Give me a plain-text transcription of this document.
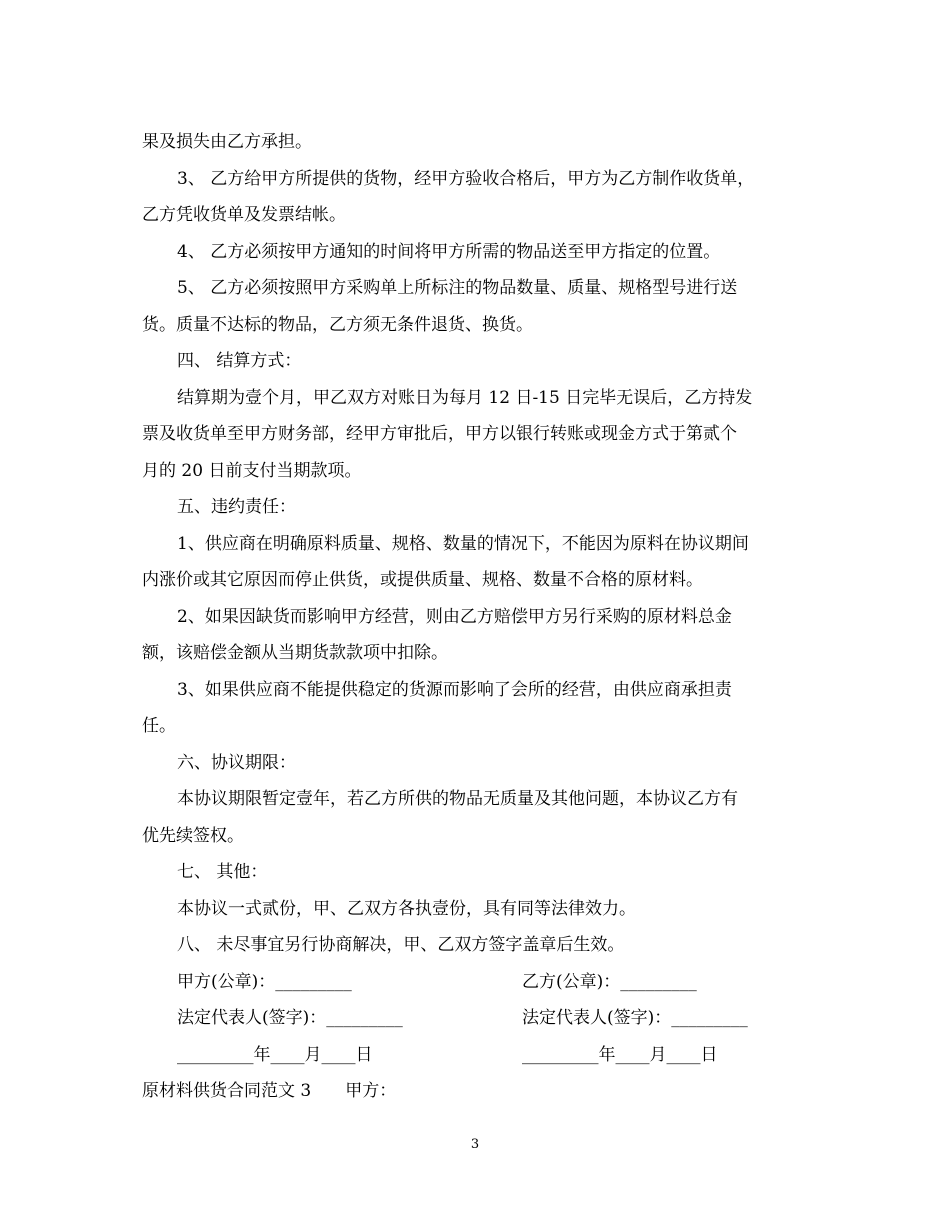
果及损失由乙方承担。
3、 乙方给甲方所提供的货物，经甲方验收合格后，甲方为乙方制作收货单，
乙方凭收货单及发票结帐。
4、 乙方必须按甲方通知的时间将甲方所需的物品送至甲方指定的位置。
5、 乙方必须按照甲方采购单上所标注的物品数量、质量、规格型号进行送
货。质量不达标的物品，乙方须无条件退货、换货。
四、 结算方式：
结算期为壹个月，甲乙双方对账日为每月 12 日-15 日完毕无误后，乙方持发
票及收货单至甲方财务部，经甲方审批后，甲方以银行转账或现金方式于第贰个
月的 20 日前支付当期款项。
五、违约责任：
1、供应商在明确原料质量、规格、数量的情况下，不能因为原料在协议期间
内涨价或其它原因而停止供货，或提供质量、规格、数量不合格的原材料。
2、如果因缺货而影响甲方经营，则由乙方赔偿甲方另行采购的原材料总金
额，该赔偿金额从当期货款款项中扣除。
3、如果供应商不能提供稳定的货源而影响了会所的经营，由供应商承担责
任。
六、协议期限：
本协议期限暂定壹年，若乙方所供的物品无质量及其他问题，本协议乙方有
优先续签权。
七、 其他：
本协议一式贰份，甲、乙双方各执壹份，具有同等法律效力。
八、 未尽事宜另行协商解决，甲、乙双方签字盖章后生效。
甲方(公章)：_________	乙方(公章)：_________
法定代表人(签字)：_________	法定代表人(签字)：_________
_________年____月____日	_________年____月____日
原材料供货合同范文 3　　甲方：
3
